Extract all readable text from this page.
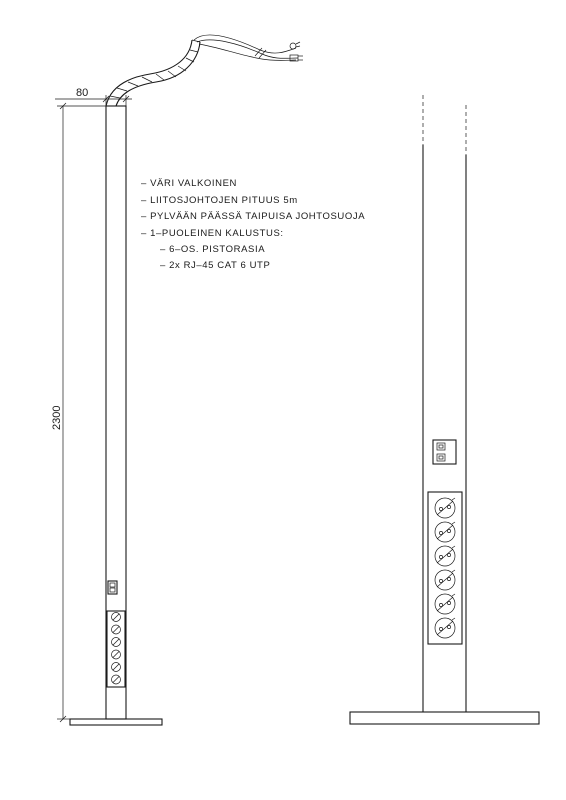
80
2300
– VÄRI VALKOINEN
– LIITOSJOHTOJEN PITUUS 5m
– PYLVÄÄN PÄÄSSÄ TAIPUISA JOHTOSUOJA
– 1–PUOLEINEN KALUSTUS:
– 6–OS. PISTORASIA
– 2x RJ–45 CAT 6 UTP
